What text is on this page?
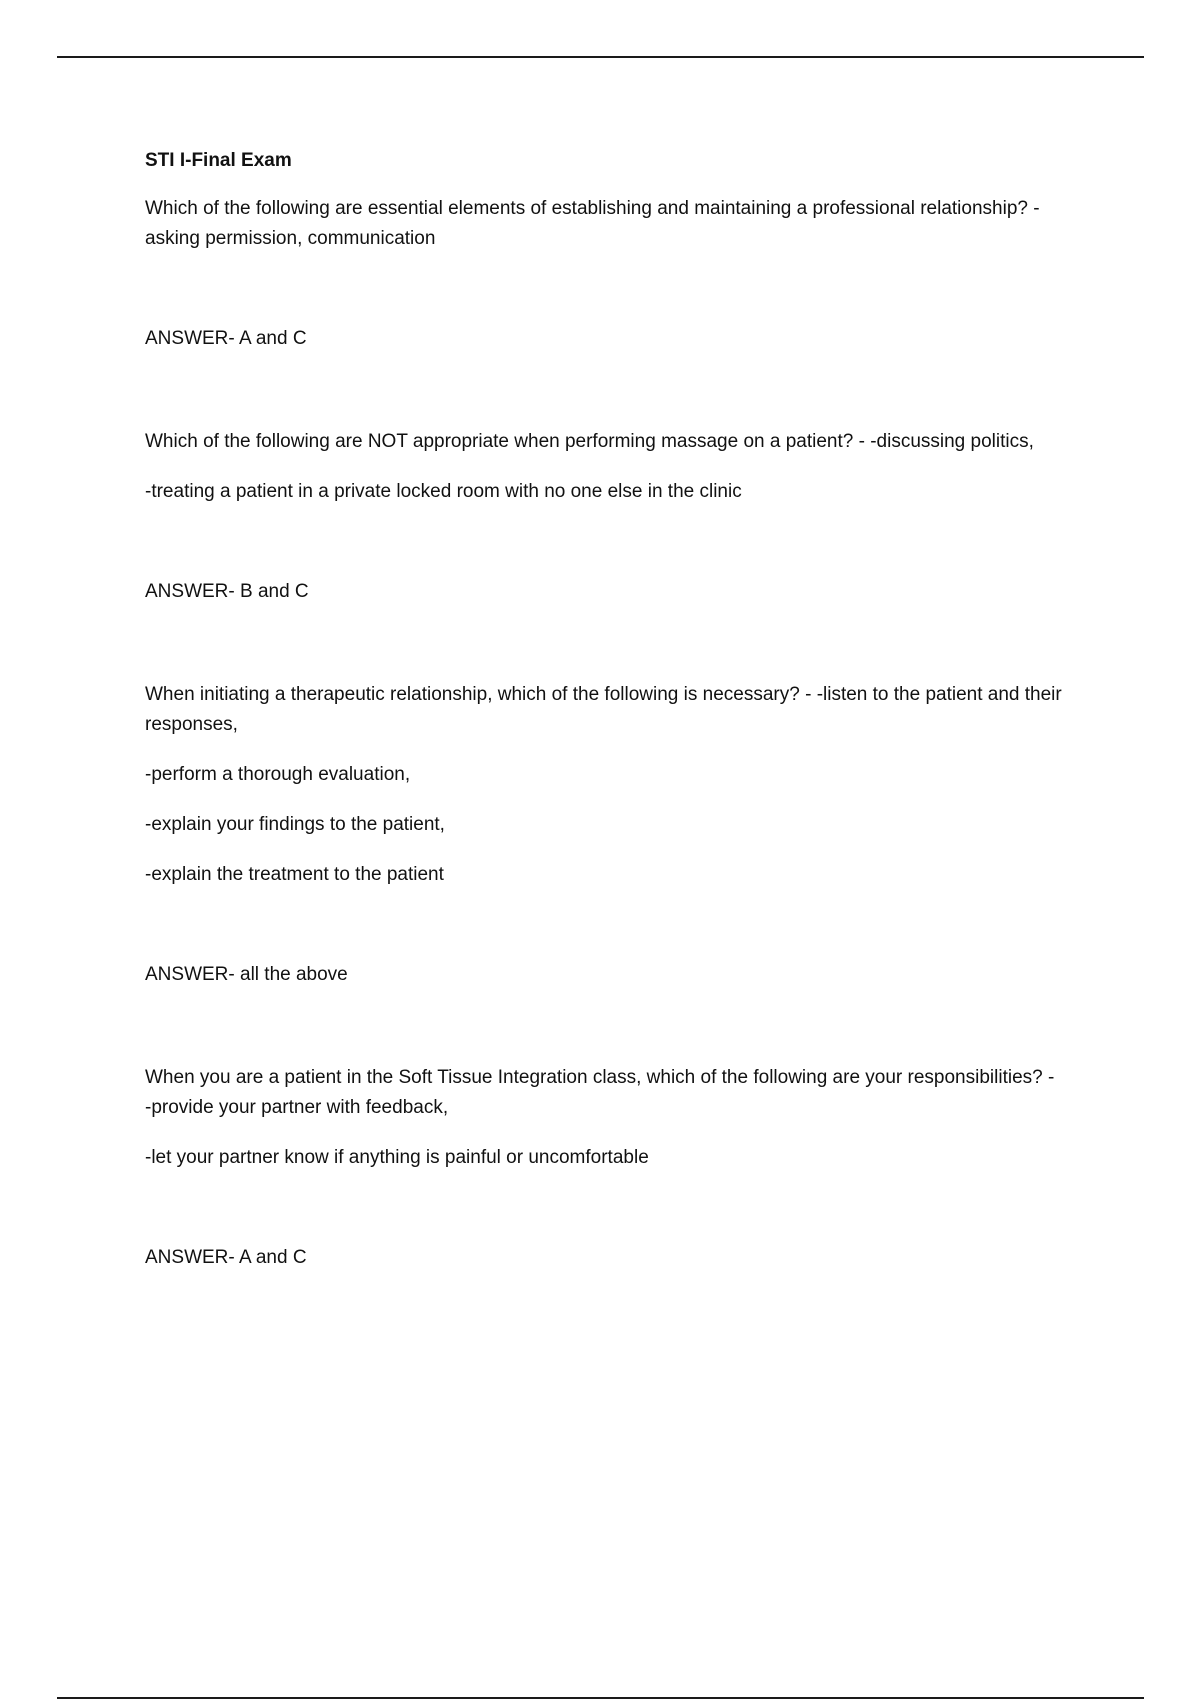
STI I-Final Exam

Which of the following are essential elements of establishing and maintaining a professional relationship? - asking permission, communication

ANSWER- A and C

Which of the following are NOT appropriate when performing massage on a patient? - -discussing politics,

-treating a patient in a private locked room with no one else in the clinic

ANSWER- B and C

When initiating a therapeutic relationship, which of the following is necessary? - -listen to the patient and their responses,

-perform a thorough evaluation,

-explain your findings to the patient,

-explain the treatment to the patient

ANSWER- all the above

When you are a patient in the Soft Tissue Integration class, which of the following are your responsibilities? - -provide your partner with feedback,

-let your partner know if anything is painful or uncomfortable

ANSWER- A and C
